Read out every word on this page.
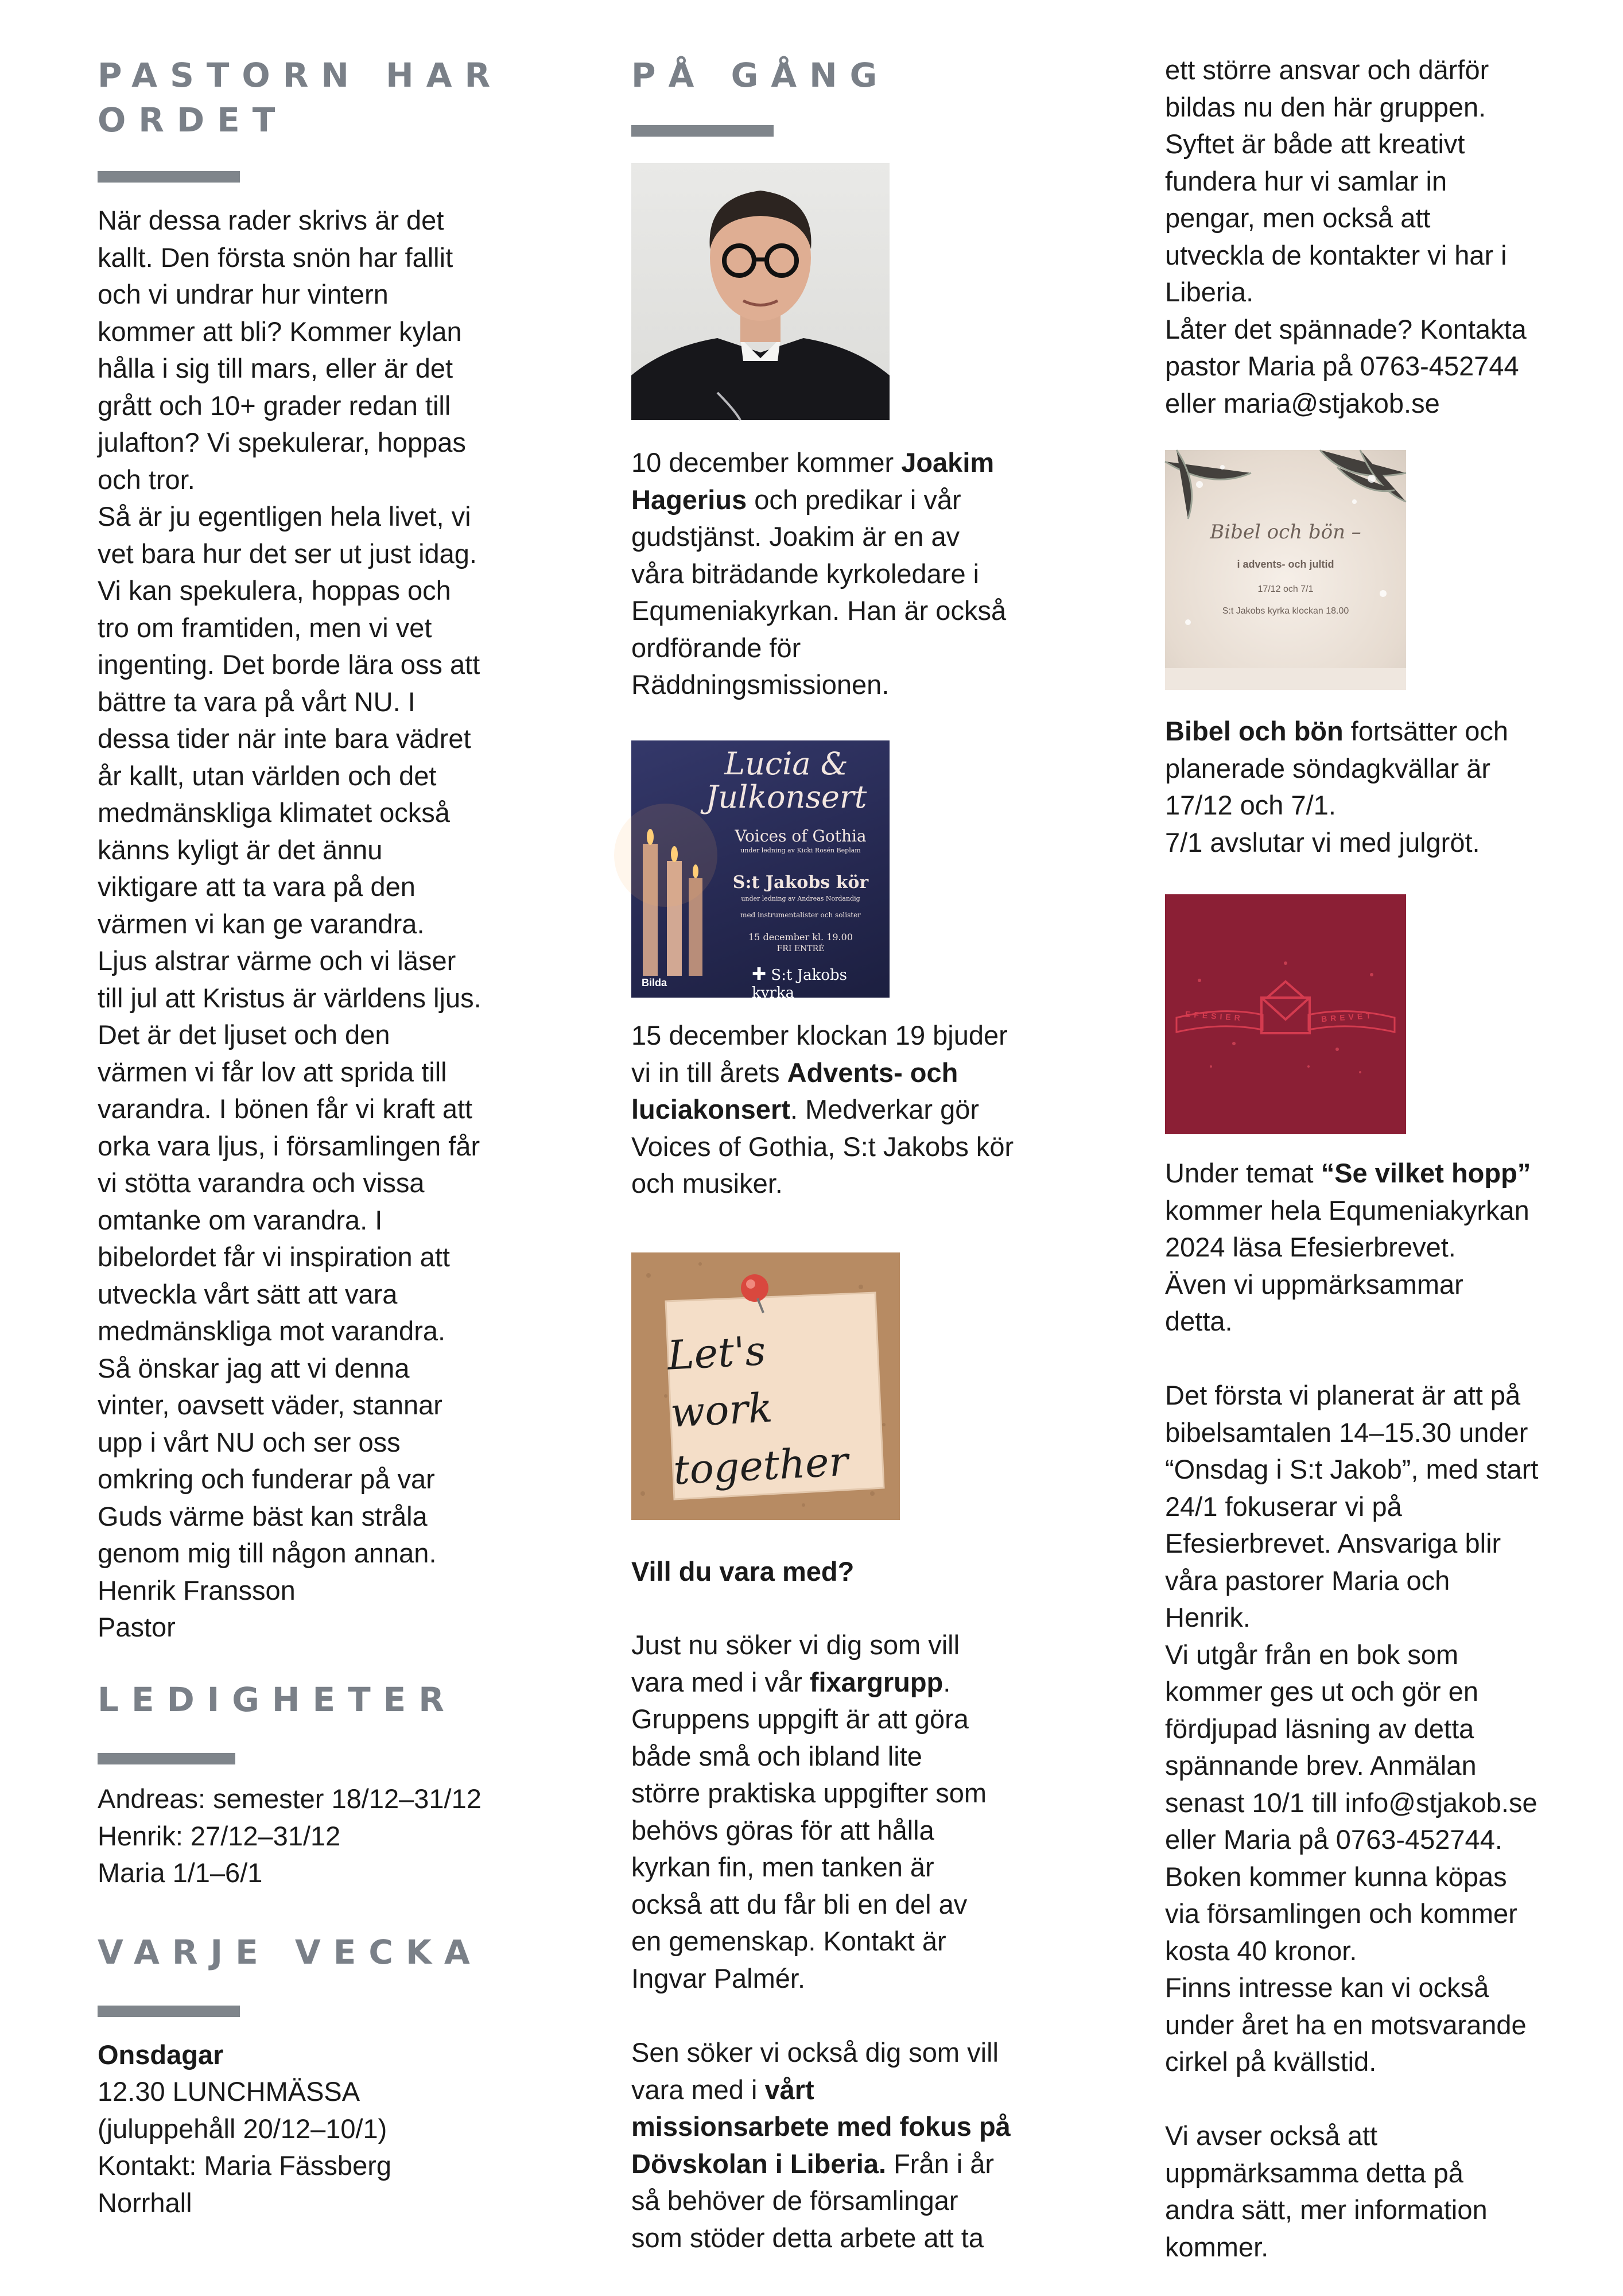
PASTORN HAR
ORDET

När dessa rader skrivs är det
kallt. Den första snön har fallit
och vi undrar hur vintern
kommer att bli? Kommer kylan
hålla i sig till mars, eller är det
grått och 10+ grader redan till
julafton? Vi spekulerar, hoppas
och tror.
Så är ju egentligen hela livet, vi
vet bara hur det ser ut just idag.
Vi kan spekulera, hoppas och
tro om framtiden, men vi vet
ingenting. Det borde lära oss att
bättre ta vara på vårt NU. I
dessa tider när inte bara vädret
år kallt, utan världen och det
medmänskliga klimatet också
känns kyligt är det ännu
viktigare att ta vara på den
värmen vi kan ge varandra.
Ljus alstrar värme och vi läser
till jul att Kristus är världens ljus.
Det är det ljuset och den
värmen vi får lov att sprida till
varandra. I bönen får vi kraft att
orka vara ljus, i församlingen får
vi stötta varandra och vissa
omtanke om varandra. I
bibelordet får vi inspiration att
utveckla vårt sätt att vara
medmänskliga mot varandra.
Så önskar jag att vi denna
vinter, oavsett väder, stannar
upp i vårt NU och ser oss
omkring och funderar på var
Guds värme bäst kan stråla
genom mig till någon annan.
Henrik Fransson
Pastor

LEDIGHETER

Andreas: semester 18/12–31/12
Henrik: 27/12–31/12
Maria 1/1–6/1

VARJE VECKA

Onsdagar

12.30 LUNCHMÄSSA
(juluppehåll 20/12–10/1)
Kontakt: Maria Fässberg
Norrhall

PÅ GÅNG

10 december kommer Joakim
Hagerius och predikar i vår
gudstjänst. Joakim är en av
våra biträdande kyrkoledare i
Equmeniakyrkan. Han är också
ordförande för
Räddningsmissionen.

Lucia &
Julkonsert
Voices of Gothia
under ledning av Kicki Rosén Beplam
S:t Jakobs kör
under ledning av Andreas Nordandig
med instrumentalister och solister
15 december kl. 19.00
FRI ENTRÉ
✚ S:t Jakobs kyrka
EQUMENIAKYRKAN
Bilda

15 december klockan 19 bjuder
vi in till årets Advents- och
luciakonsert. Medverkar gör
Voices of Gothia, S:t Jakobs kör
och musiker.

Let's work
together

Vill du vara med?

Just nu söker vi dig som vill
vara med i vår fixargrupp.
Gruppens uppgift är att göra
både små och ibland lite
större praktiska uppgifter som
behövs göras för att hålla
kyrkan fin, men tanken är
också att du får bli en del av
en gemenskap. Kontakt är
Ingvar Palmér.

Sen söker vi också dig som vill
vara med i vårt
missionsarbete med fokus på
Dövskolan i Liberia. Från i år
så behöver de församlingar
som stöder detta arbete att ta

ett större ansvar och därför
bildas nu den här gruppen.
Syftet är både att kreativt
fundera hur vi samlar in
pengar, men också att
utveckla de kontakter vi har i
Liberia.
Låter det spännade? Kontakta
pastor Maria på 0763-452744
eller maria@stjakob.se

Bibel och bön –
i advents- och jultid
17/12 och 7/1
S:t Jakobs kyrka klockan 18.00

Bibel och bön fortsätter och
planerade söndagkvällar är
17/12 och 7/1.
7/1 avslutar vi med julgröt.

EFESIER	BREVET

Under temat “Se vilket hopp”
kommer hela Equmeniakyrkan
2024 läsa Efesierbrevet.
Även vi uppmärksammar
detta.

Det första vi planerat är att på
bibelsamtalen 14–15.30 under
“Onsdag i S:t Jakob”, med start
24/1 fokuserar vi på
Efesierbrevet. Ansvariga blir
våra pastorer Maria och
Henrik.
Vi utgår från en bok som
kommer ges ut och gör en
fördjupad läsning av detta
spännande brev. Anmälan
senast 10/1 till info@stjakob.se
eller Maria på 0763-452744.
Boken kommer kunna köpas
via församlingen och kommer
kosta 40 kronor.
Finns intresse kan vi också
under året ha en motsvarande
cirkel på kvällstid.

Vi avser också att
uppmärksamma detta på
andra sätt, mer information
kommer.
